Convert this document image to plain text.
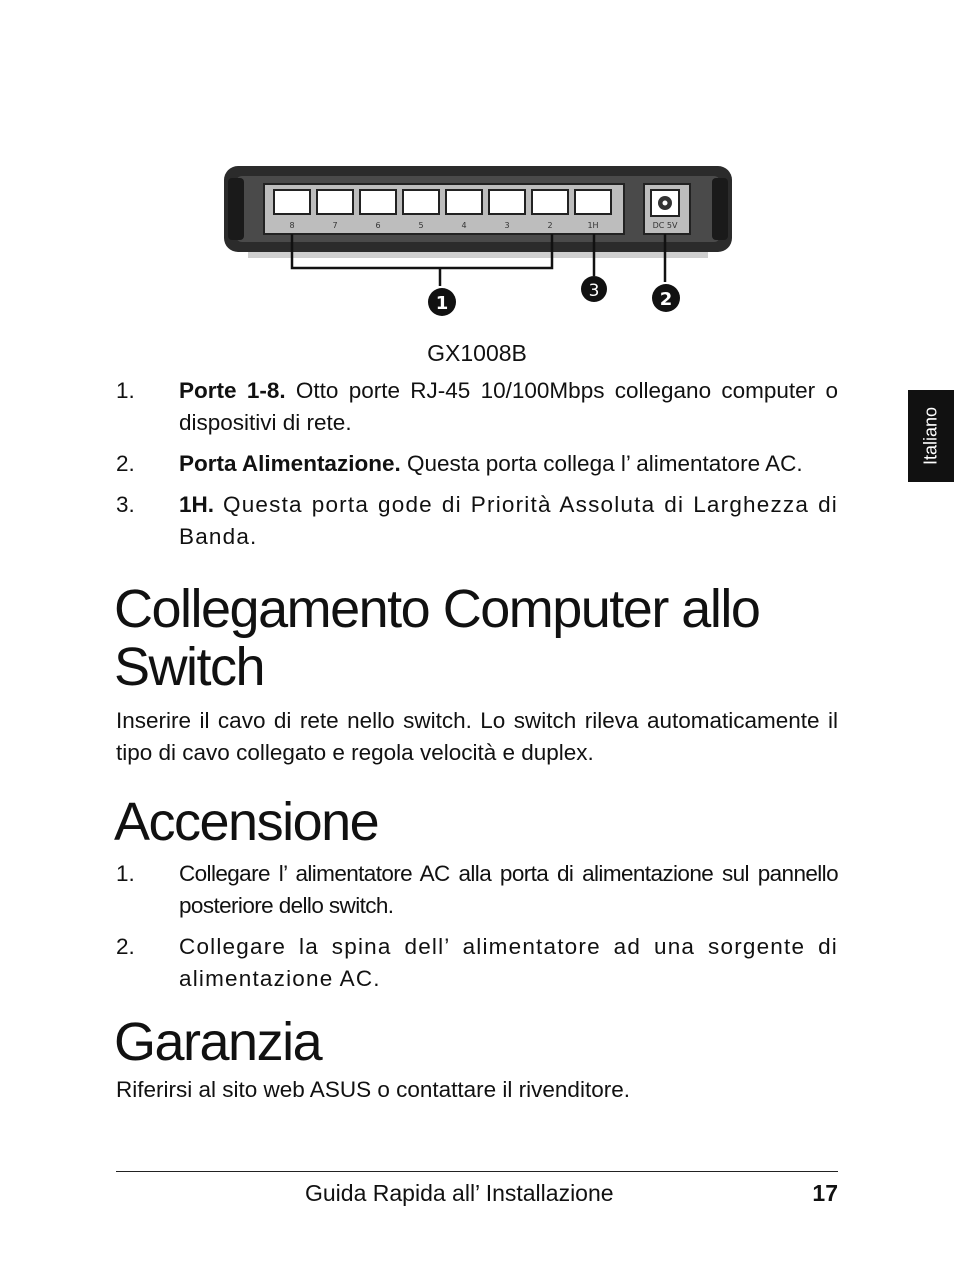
8	7	6	5	4	3	2	1H	DC 5V
1
3	2
GX1008B
1. Porte 1-8. Otto porte RJ-45 10/100Mbps collegano computer o dispositivi di rete.
2. Porta Alimentazione. Questa porta collega l’ alimentatore AC.
3. 1H. Questa porta gode di Priorità Assoluta di Larghezza di Banda.
Collegamento Computer allo Switch

Inserire il cavo di rete nello switch. Lo switch rileva automaticamente il tipo di cavo collegato e regola velocità e duplex.

Accensione
1. Collegare l’ alimentatore AC alla porta di alimentazione sul pannello posteriore dello switch.
2. Collegare la spina dell’ alimentatore ad una sorgente di alimentazione AC.
Garanzia

Riferirsi al sito web ASUS o contattare il rivenditore.

Italiano
Guida Rapida all’ Installazione	17
